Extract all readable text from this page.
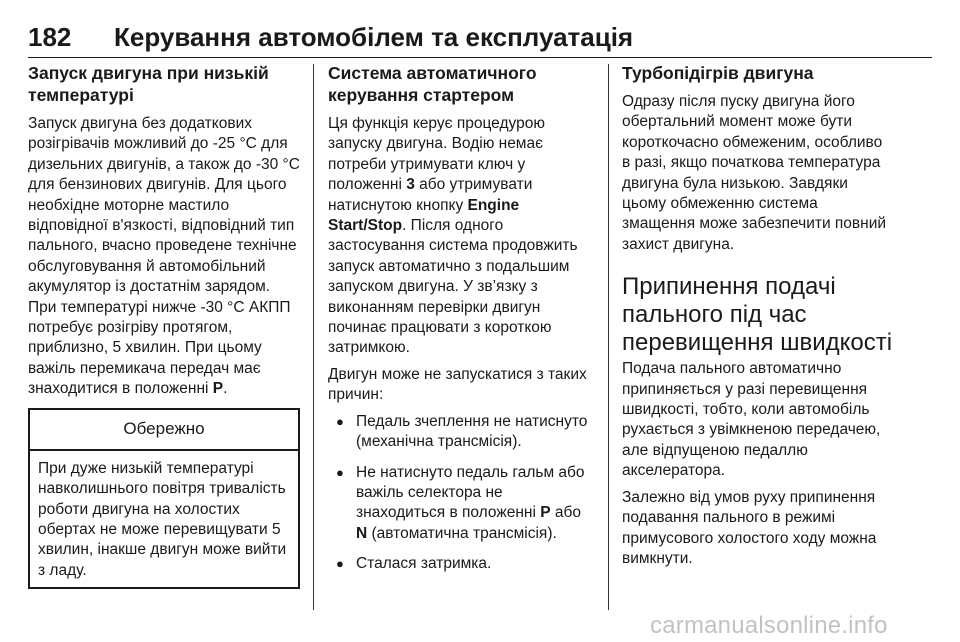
182	Керування автомобілем та експлуатація
Запуск двигуна при низькій температурі

Запуск двигуна без додаткових розігрівачів можливий до -25 °C для дизельних двигунів, а також до -30 °C для бензинових двигунів. Для цього необхідне моторне мастило відповідної в'язкості, відповідний тип пального, вчасно проведене технічне обслуговування й автомобільний акумулятор із достатнім зарядом. При температурі нижче -30 °C АКПП потребує розігріву протягом, приблизно, 5 хвилин. При цьому важіль перемикача передач має знаходитися в положенні P.

Обережно

При дуже низькій температурі навколишнього повітря тривалість роботи двигуна на холостих обертах не може перевищувати 5 хвилин, інакше двигун може вийти з ладу.

Система автоматичного керування стартером

Ця функція керує процедурою запуску двигуна. Водію немає потреби утримувати ключ у положенні 3 або утримувати натиснутою кнопку Engine Start/Stop. Після одного застосування система продовжить запуск автоматично з подальшим запуском двигуна. У зв’язку з виконанням перевірки двигун починає працювати з короткою затримкою.

Двигун може не запускатися з таких причин:

● Педаль зчеплення не натиснуто (механічна трансмісія).
● Не натиснуто педаль гальм або важіль селектора не знаходиться в положенні P або N (автоматична трансмісія).
● Сталася затримка.
Турбопідігрів двигуна

Одразу після пуску двигуна його обертальний момент може бути короткочасно обмеженим, особливо в разі, якщо початкова температура двигуна була низькою. Завдяки цьому обмеженню система змащення може забезпечити повний захист двигуна.

Припинення подачі пального під час перевищення швидкості

Подача пального автоматично припиняється у разі перевищення швидкості, тобто, коли автомобіль рухається з увімкненою передачею, але відпущеною педаллю акселератора.

Залежно від умов руху припинення подавання пального в режимі примусового холостого ходу можна вимкнути.

carmanualsonline.info
